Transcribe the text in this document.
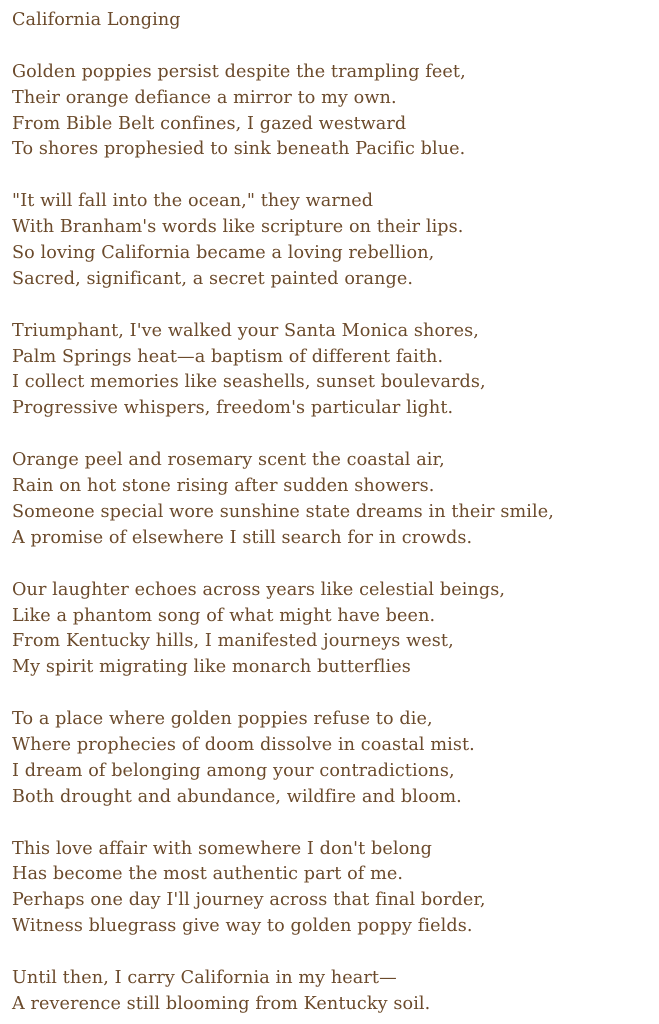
California Longing
Golden poppies persist despite the trampling feet,
Their orange defiance a mirror to my own.
From Bible Belt confines, I gazed westward
To shores prophesied to sink beneath Pacific blue.
"It will fall into the ocean," they warned
With Branham's words like scripture on their lips.
So loving California became a loving rebellion,
Sacred, significant, a secret painted orange.
Triumphant, I've walked your Santa Monica shores,
Palm Springs heat—a baptism of different faith.
I collect memories like seashells, sunset boulevards,
Progressive whispers, freedom's particular light.
Orange peel and rosemary scent the coastal air,
Rain on hot stone rising after sudden showers.
Someone special wore sunshine state dreams in their smile,
A promise of elsewhere I still search for in crowds.
Our laughter echoes across years like celestial beings,
Like a phantom song of what might have been.
From Kentucky hills, I manifested journeys west,
My spirit migrating like monarch butterflies
To a place where golden poppies refuse to die,
Where prophecies of doom dissolve in coastal mist.
I dream of belonging among your contradictions,
Both drought and abundance, wildfire and bloom.
This love affair with somewhere I don't belong
Has become the most authentic part of me.
Perhaps one day I'll journey across that final border,
Witness bluegrass give way to golden poppy fields.
Until then, I carry California in my heart—
A reverence still blooming from Kentucky soil.
